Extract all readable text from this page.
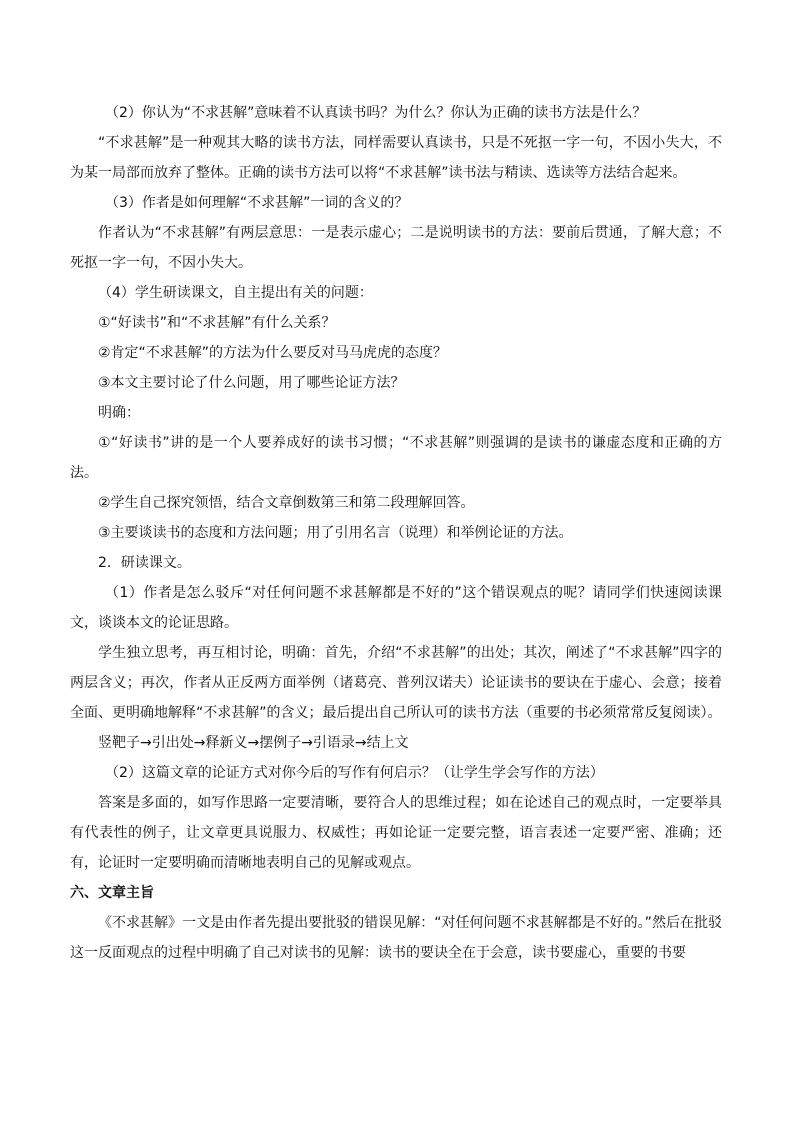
（2）你认为“不求甚解”意味着不认真读书吗？为什么？你认为正确的读书方法是什么？

“不求甚解”是一种观其大略的读书方法，同样需要认真读书，只是不死抠一字一句，不因小失大，不为某一局部而放弃了整体。正确的读书方法可以将“不求甚解”读书法与精读、选读等方法结合起来。

（3）作者是如何理解“不求甚解”一词的含义的？

作者认为“不求甚解”有两层意思：一是表示虚心；二是说明读书的方法：要前后贯通，了解大意；不死抠一字一句，不因小失大。

（4）学生研读课文，自主提出有关的问题：

①“好读书”和“不求甚解”有什么关系？

②肯定“不求甚解”的方法为什么要反对马马虎虎的态度？

③本文主要讨论了什么问题，用了哪些论证方法？

明确：

①“好读书”讲的是一个人要养成好的读书习惯；“不求甚解”则强调的是读书的谦虚态度和正确的方法。

②学生自己探究领悟，结合文章倒数第三和第二段理解回答。

③主要谈读书的态度和方法问题；用了引用名言（说理）和举例论证的方法。

2．研读课文。

（1）作者是怎么驳斥“对任何问题不求甚解都是不好的”这个错误观点的呢？请同学们快速阅读课文，谈谈本文的论证思路。

学生独立思考，再互相讨论，明确：首先，介绍“不求甚解”的出处；其次，阐述了“不求甚解”四字的两层含义；再次，作者从正反两方面举例（诸葛亮、普列汉诺夫）论证读书的要诀在于虚心、会意；接着全面、更明确地解释“不求甚解”的含义；最后提出自己所认可的读书方法（重要的书必须常常反复阅读）。

竖靶子→引出处→释新义→摆例子→引语录→结上文

（2）这篇文章的论证方式对你今后的写作有何启示？（让学生学会写作的方法）

答案是多面的，如写作思路一定要清晰，要符合人的思维过程；如在论述自己的观点时，一定要举具有代表性的例子，让文章更具说服力、权威性；再如论证一定要完整，语言表述一定要严密、准确；还有，论证时一定要明确而清晰地表明自己的见解或观点。

六、文章主旨

《不求甚解》一文是由作者先提出要批驳的错误见解：“对任何问题不求甚解都是不好的。”然后在批驳这一反面观点的过程中明确了自己对读书的见解：读书的要诀全在于会意，读书要虚心，重要的书要
